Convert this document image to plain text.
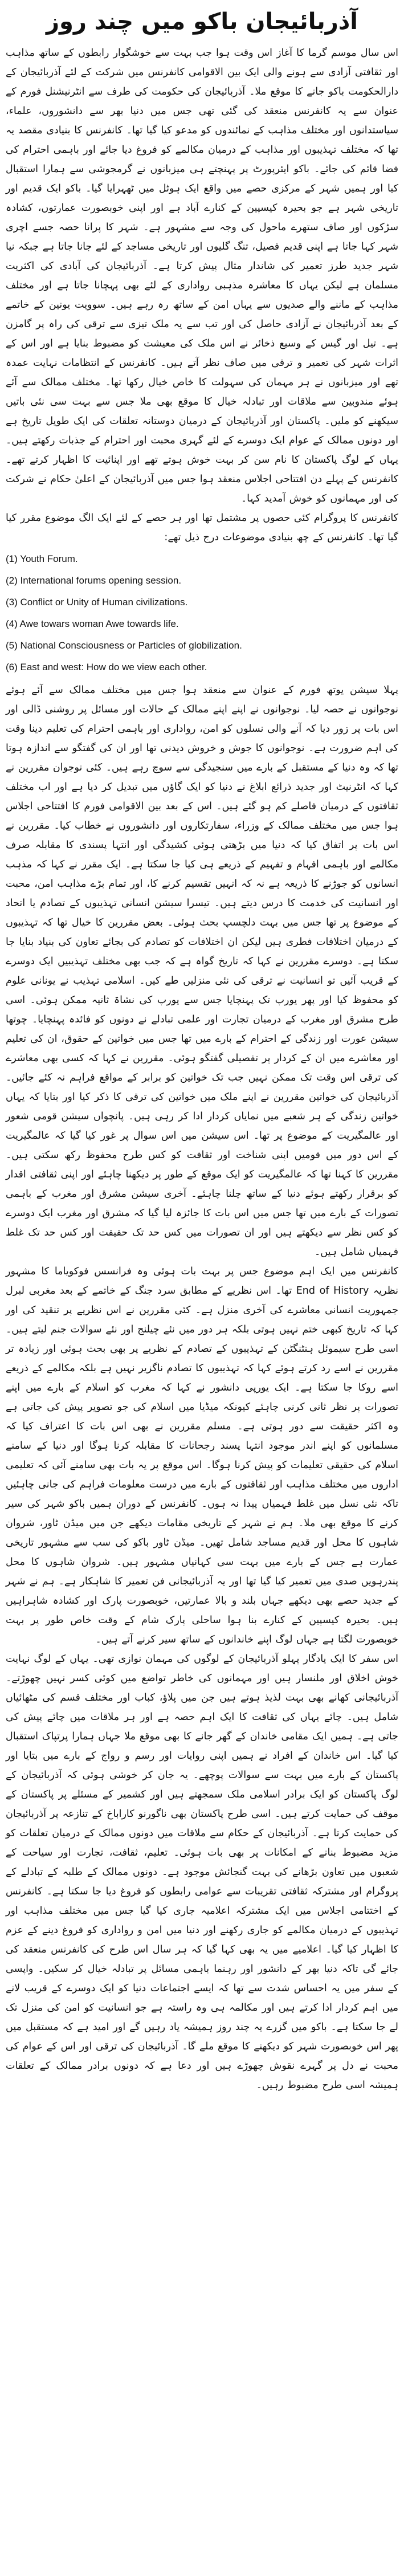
آذربائیجان باکو میں چند روز

اس سال موسم گرما کا آغاز اس وقت ہوا جب بہت سے خوشگوار رابطوں کے ساتھ مذاہب اور ثقافتی آزادی سے ہونے والی ایک بین الاقوامی کانفرنس میں شرکت کے لئے آذربائیجان کے دارالحکومت باکو جانے کا موقع ملا۔ آذربائیجان کی حکومت کی طرف سے انٹرنیشنل فورم کے عنوان سے یہ کانفرنس منعقد کی گئی تھی جس میں دنیا بھر سے دانشوروں، علماء، سیاستدانوں اور مختلف مذاہب کے نمائندوں کو مدعو کیا گیا تھا۔ کانفرنس کا بنیادی مقصد یہ تھا کہ مختلف تہذیبوں اور مذاہب کے درمیان مکالمے کو فروغ دیا جائے اور باہمی احترام کی فضا قائم کی جائے۔ باکو ایئرپورٹ پر پہنچتے ہی میزبانوں نے گرمجوشی سے ہمارا استقبال کیا اور ہمیں شہر کے مرکزی حصے میں واقع ایک ہوٹل میں ٹھہرایا گیا۔ باکو ایک قدیم اور تاریخی شہر ہے جو بحیرہ کیسپین کے کنارے آباد ہے اور اپنی خوبصورت عمارتوں، کشادہ سڑکوں اور صاف ستھرے ماحول کی وجہ سے مشہور ہے۔ شہر کا پرانا حصہ جسے اچری شہر کہا جاتا ہے اپنی قدیم فصیل، تنگ گلیوں اور تاریخی مساجد کے لئے جانا جاتا ہے جبکہ نیا شہر جدید طرز تعمیر کی شاندار مثال پیش کرتا ہے۔ آذربائیجان کی آبادی کی اکثریت مسلمان ہے لیکن یہاں کا معاشرہ مذہبی رواداری کے لئے بھی پہچانا جاتا ہے اور مختلف مذاہب کے ماننے والے صدیوں سے یہاں امن کے ساتھ رہ رہے ہیں۔ سوویت یونین کے خاتمے کے بعد آذربائیجان نے آزادی حاصل کی اور تب سے یہ ملک تیزی سے ترقی کی راہ پر گامزن ہے۔ تیل اور گیس کے وسیع ذخائر نے اس ملک کی معیشت کو مضبوط بنایا ہے اور اس کے اثرات شہر کی تعمیر و ترقی میں صاف نظر آتے ہیں۔ کانفرنس کے انتظامات نہایت عمدہ تھے اور میزبانوں نے ہر مہمان کی سہولت کا خاص خیال رکھا تھا۔ مختلف ممالک سے آئے ہوئے مندوبین سے ملاقات اور تبادلہ خیال کا موقع بھی ملا جس سے بہت سی نئی باتیں سیکھنے کو ملیں۔ پاکستان اور آذربائیجان کے درمیان دوستانہ تعلقات کی ایک طویل تاریخ ہے اور دونوں ممالک کے عوام ایک دوسرے کے لئے گہری محبت اور احترام کے جذبات رکھتے ہیں۔ یہاں کے لوگ پاکستان کا نام سن کر بہت خوش ہوتے تھے اور اپنائیت کا اظہار کرتے تھے۔ کانفرنس کے پہلے دن افتتاحی اجلاس منعقد ہوا جس میں آذربائیجان کے اعلیٰ حکام نے شرکت کی اور مہمانوں کو خوش آمدید کہا۔

کانفرنس کا پروگرام کئی حصوں پر مشتمل تھا اور ہر حصے کے لئے ایک الگ موضوع مقرر کیا گیا تھا۔ کانفرنس کے چھ بنیادی موضوعات درج ذیل تھے:

(1) Youth Forum.
(2) International forums opening session.
(3) Conflict or Unity of Human civilizations.
(4) Awe towars woman Awe towards life.
(5) National Consciousness or Particles of globilization.
(6) East and west: How do we view each other.

پہلا سیشن یوتھ فورم کے عنوان سے منعقد ہوا جس میں مختلف ممالک سے آئے ہوئے نوجوانوں نے حصہ لیا۔ نوجوانوں نے اپنے اپنے ممالک کے حالات اور مسائل پر روشنی ڈالی اور اس بات پر زور دیا کہ آنے والی نسلوں کو امن، رواداری اور باہمی احترام کی تعلیم دینا وقت کی اہم ضرورت ہے۔ نوجوانوں کا جوش و خروش دیدنی تھا اور ان کی گفتگو سے اندازہ ہوتا تھا کہ وہ دنیا کے مستقبل کے بارے میں سنجیدگی سے سوچ رہے ہیں۔ کئی نوجوان مقررین نے کہا کہ انٹرنیٹ اور جدید ذرائع ابلاغ نے دنیا کو ایک گاؤں میں تبدیل کر دیا ہے اور اب مختلف ثقافتوں کے درمیان فاصلے کم ہو گئے ہیں۔ اس کے بعد بین الاقوامی فورم کا افتتاحی اجلاس ہوا جس میں مختلف ممالک کے وزراء، سفارتکاروں اور دانشوروں نے خطاب کیا۔ مقررین نے اس بات پر اتفاق کیا کہ دنیا میں بڑھتی ہوئی کشیدگی اور انتہا پسندی کا مقابلہ صرف مکالمے اور باہمی افہام و تفہیم کے ذریعے ہی کیا جا سکتا ہے۔ ایک مقرر نے کہا کہ مذہب انسانوں کو جوڑنے کا ذریعہ ہے نہ کہ انہیں تقسیم کرنے کا، اور تمام بڑے مذاہب امن، محبت اور انسانیت کی خدمت کا درس دیتے ہیں۔ تیسرا سیشن انسانی تہذیبوں کے تصادم یا اتحاد کے موضوع پر تھا جس میں بہت دلچسپ بحث ہوئی۔ بعض مقررین کا خیال تھا کہ تہذیبوں کے درمیان اختلافات فطری ہیں لیکن ان اختلافات کو تصادم کی بجائے تعاون کی بنیاد بنایا جا سکتا ہے۔ دوسرے مقررین نے کہا کہ تاریخ گواہ ہے کہ جب بھی مختلف تہذیبیں ایک دوسرے کے قریب آئیں تو انسانیت نے ترقی کی نئی منزلیں طے کیں۔ اسلامی تہذیب نے یونانی علوم کو محفوظ کیا اور پھر یورپ تک پہنچایا جس سے یورپ کی نشاۃ ثانیہ ممکن ہوئی۔ اسی طرح مشرق اور مغرب کے درمیان تجارت اور علمی تبادلے نے دونوں کو فائدہ پہنچایا۔ چوتھا سیشن عورت اور زندگی کے احترام کے بارے میں تھا جس میں خواتین کے حقوق، ان کی تعلیم اور معاشرے میں ان کے کردار پر تفصیلی گفتگو ہوئی۔ مقررین نے کہا کہ کسی بھی معاشرے کی ترقی اس وقت تک ممکن نہیں جب تک خواتین کو برابر کے مواقع فراہم نہ کئے جائیں۔ آذربائیجان کی خواتین مقررین نے اپنے ملک میں خواتین کی ترقی کا ذکر کیا اور بتایا کہ یہاں خواتین زندگی کے ہر شعبے میں نمایاں کردار ادا کر رہی ہیں۔ پانچواں سیشن قومی شعور اور عالمگیریت کے موضوع پر تھا۔ اس سیشن میں اس سوال پر غور کیا گیا کہ عالمگیریت کے اس دور میں قومیں اپنی شناخت اور ثقافت کو کس طرح محفوظ رکھ سکتی ہیں۔ مقررین کا کہنا تھا کہ عالمگیریت کو ایک موقع کے طور پر دیکھنا چاہئے اور اپنی ثقافتی اقدار کو برقرار رکھتے ہوئے دنیا کے ساتھ چلنا چاہئے۔ آخری سیشن مشرق اور مغرب کے باہمی تصورات کے بارے میں تھا جس میں اس بات کا جائزہ لیا گیا کہ مشرق اور مغرب ایک دوسرے کو کس نظر سے دیکھتے ہیں اور ان تصورات میں کس حد تک حقیقت اور کس حد تک غلط فہمیاں شامل ہیں۔

کانفرنس میں ایک اہم موضوع جس پر بہت بات ہوئی وہ فرانسس فوکویاما کا مشہور نظریہ End of History تھا۔ اس نظریے کے مطابق سرد جنگ کے خاتمے کے بعد مغربی لبرل جمہوریت انسانی معاشرے کی آخری منزل ہے۔ کئی مقررین نے اس نظریے پر تنقید کی اور کہا کہ تاریخ کبھی ختم نہیں ہوتی بلکہ ہر دور میں نئے چیلنج اور نئے سوالات جنم لیتے ہیں۔ اسی طرح سیموئل ہنٹنگٹن کے تہذیبوں کے تصادم کے نظریے پر بھی بحث ہوئی اور زیادہ تر مقررین نے اسے رد کرتے ہوئے کہا کہ تہذیبوں کا تصادم ناگزیر نہیں ہے بلکہ مکالمے کے ذریعے اسے روکا جا سکتا ہے۔ ایک یورپی دانشور نے کہا کہ مغرب کو اسلام کے بارے میں اپنے تصورات پر نظر ثانی کرنی چاہئے کیونکہ میڈیا میں اسلام کی جو تصویر پیش کی جاتی ہے وہ اکثر حقیقت سے دور ہوتی ہے۔ مسلم مقررین نے بھی اس بات کا اعتراف کیا کہ مسلمانوں کو اپنے اندر موجود انتہا پسند رجحانات کا مقابلہ کرنا ہوگا اور دنیا کے سامنے اسلام کی حقیقی تعلیمات کو پیش کرنا ہوگا۔ اس موقع پر یہ بات بھی سامنے آئی کہ تعلیمی اداروں میں مختلف مذاہب اور ثقافتوں کے بارے میں درست معلومات فراہم کی جانی چاہئیں تاکہ نئی نسل میں غلط فہمیاں پیدا نہ ہوں۔ کانفرنس کے دوران ہمیں باکو شہر کی سیر کرنے کا موقع بھی ملا۔ ہم نے شہر کے تاریخی مقامات دیکھے جن میں میڈن ٹاور، شروان شاہوں کا محل اور قدیم مساجد شامل تھیں۔ میڈن ٹاور باکو کی سب سے مشہور تاریخی عمارت ہے جس کے بارے میں بہت سی کہانیاں مشہور ہیں۔ شروان شاہوں کا محل پندرہویں صدی میں تعمیر کیا گیا تھا اور یہ آذربائیجانی فن تعمیر کا شاہکار ہے۔ ہم نے شہر کے جدید حصے بھی دیکھے جہاں بلند و بالا عمارتیں، خوبصورت پارک اور کشادہ شاہراہیں ہیں۔ بحیرہ کیسپین کے کنارے بنا ہوا ساحلی پارک شام کے وقت خاص طور پر بہت خوبصورت لگتا ہے جہاں لوگ اپنے خاندانوں کے ساتھ سیر کرنے آتے ہیں۔

اس سفر کا ایک یادگار پہلو آذربائیجان کے لوگوں کی مہمان نوازی تھی۔ یہاں کے لوگ نہایت خوش اخلاق اور ملنسار ہیں اور مہمانوں کی خاطر تواضع میں کوئی کسر نہیں چھوڑتے۔ آذربائیجانی کھانے بھی بہت لذیذ ہوتے ہیں جن میں پلاؤ، کباب اور مختلف قسم کی مٹھائیاں شامل ہیں۔ چائے یہاں کی ثقافت کا ایک اہم حصہ ہے اور ہر ملاقات میں چائے پیش کی جاتی ہے۔ ہمیں ایک مقامی خاندان کے گھر جانے کا بھی موقع ملا جہاں ہمارا پرتپاک استقبال کیا گیا۔ اس خاندان کے افراد نے ہمیں اپنی روایات اور رسم و رواج کے بارے میں بتایا اور پاکستان کے بارے میں بہت سے سوالات پوچھے۔ یہ جان کر خوشی ہوئی کہ آذربائیجان کے لوگ پاکستان کو ایک برادر اسلامی ملک سمجھتے ہیں اور کشمیر کے مسئلے پر پاکستان کے موقف کی حمایت کرتے ہیں۔ اسی طرح پاکستان بھی ناگورنو کاراباخ کے تنازعہ پر آذربائیجان کی حمایت کرتا ہے۔ آذربائیجان کے حکام سے ملاقات میں دونوں ممالک کے درمیان تعلقات کو مزید مضبوط بنانے کے امکانات پر بھی بات ہوئی۔ تعلیم، ثقافت، تجارت اور سیاحت کے شعبوں میں تعاون بڑھانے کی بہت گنجائش موجود ہے۔ دونوں ممالک کے طلبہ کے تبادلے کے پروگرام اور مشترکہ ثقافتی تقریبات سے عوامی رابطوں کو فروغ دیا جا سکتا ہے۔ کانفرنس کے اختتامی اجلاس میں ایک مشترکہ اعلامیہ جاری کیا گیا جس میں مختلف مذاہب اور تہذیبوں کے درمیان مکالمے کو جاری رکھنے اور دنیا میں امن و رواداری کو فروغ دینے کے عزم کا اظہار کیا گیا۔ اعلامیے میں یہ بھی کہا گیا کہ ہر سال اس طرح کی کانفرنس منعقد کی جائے گی تاکہ دنیا بھر کے دانشور اور رہنما باہمی مسائل پر تبادلہ خیال کر سکیں۔ واپسی کے سفر میں یہ احساس شدت سے تھا کہ ایسے اجتماعات دنیا کو ایک دوسرے کے قریب لانے میں اہم کردار ادا کرتے ہیں اور مکالمہ ہی وہ راستہ ہے جو انسانیت کو امن کی منزل تک لے جا سکتا ہے۔ باکو میں گزرے یہ چند روز ہمیشہ یاد رہیں گے اور امید ہے کہ مستقبل میں پھر اس خوبصورت شہر کو دیکھنے کا موقع ملے گا۔ آذربائیجان کی ترقی اور اس کے عوام کی محبت نے دل پر گہرے نقوش چھوڑے ہیں اور دعا ہے کہ دونوں برادر ممالک کے تعلقات ہمیشہ اسی طرح مضبوط رہیں۔
